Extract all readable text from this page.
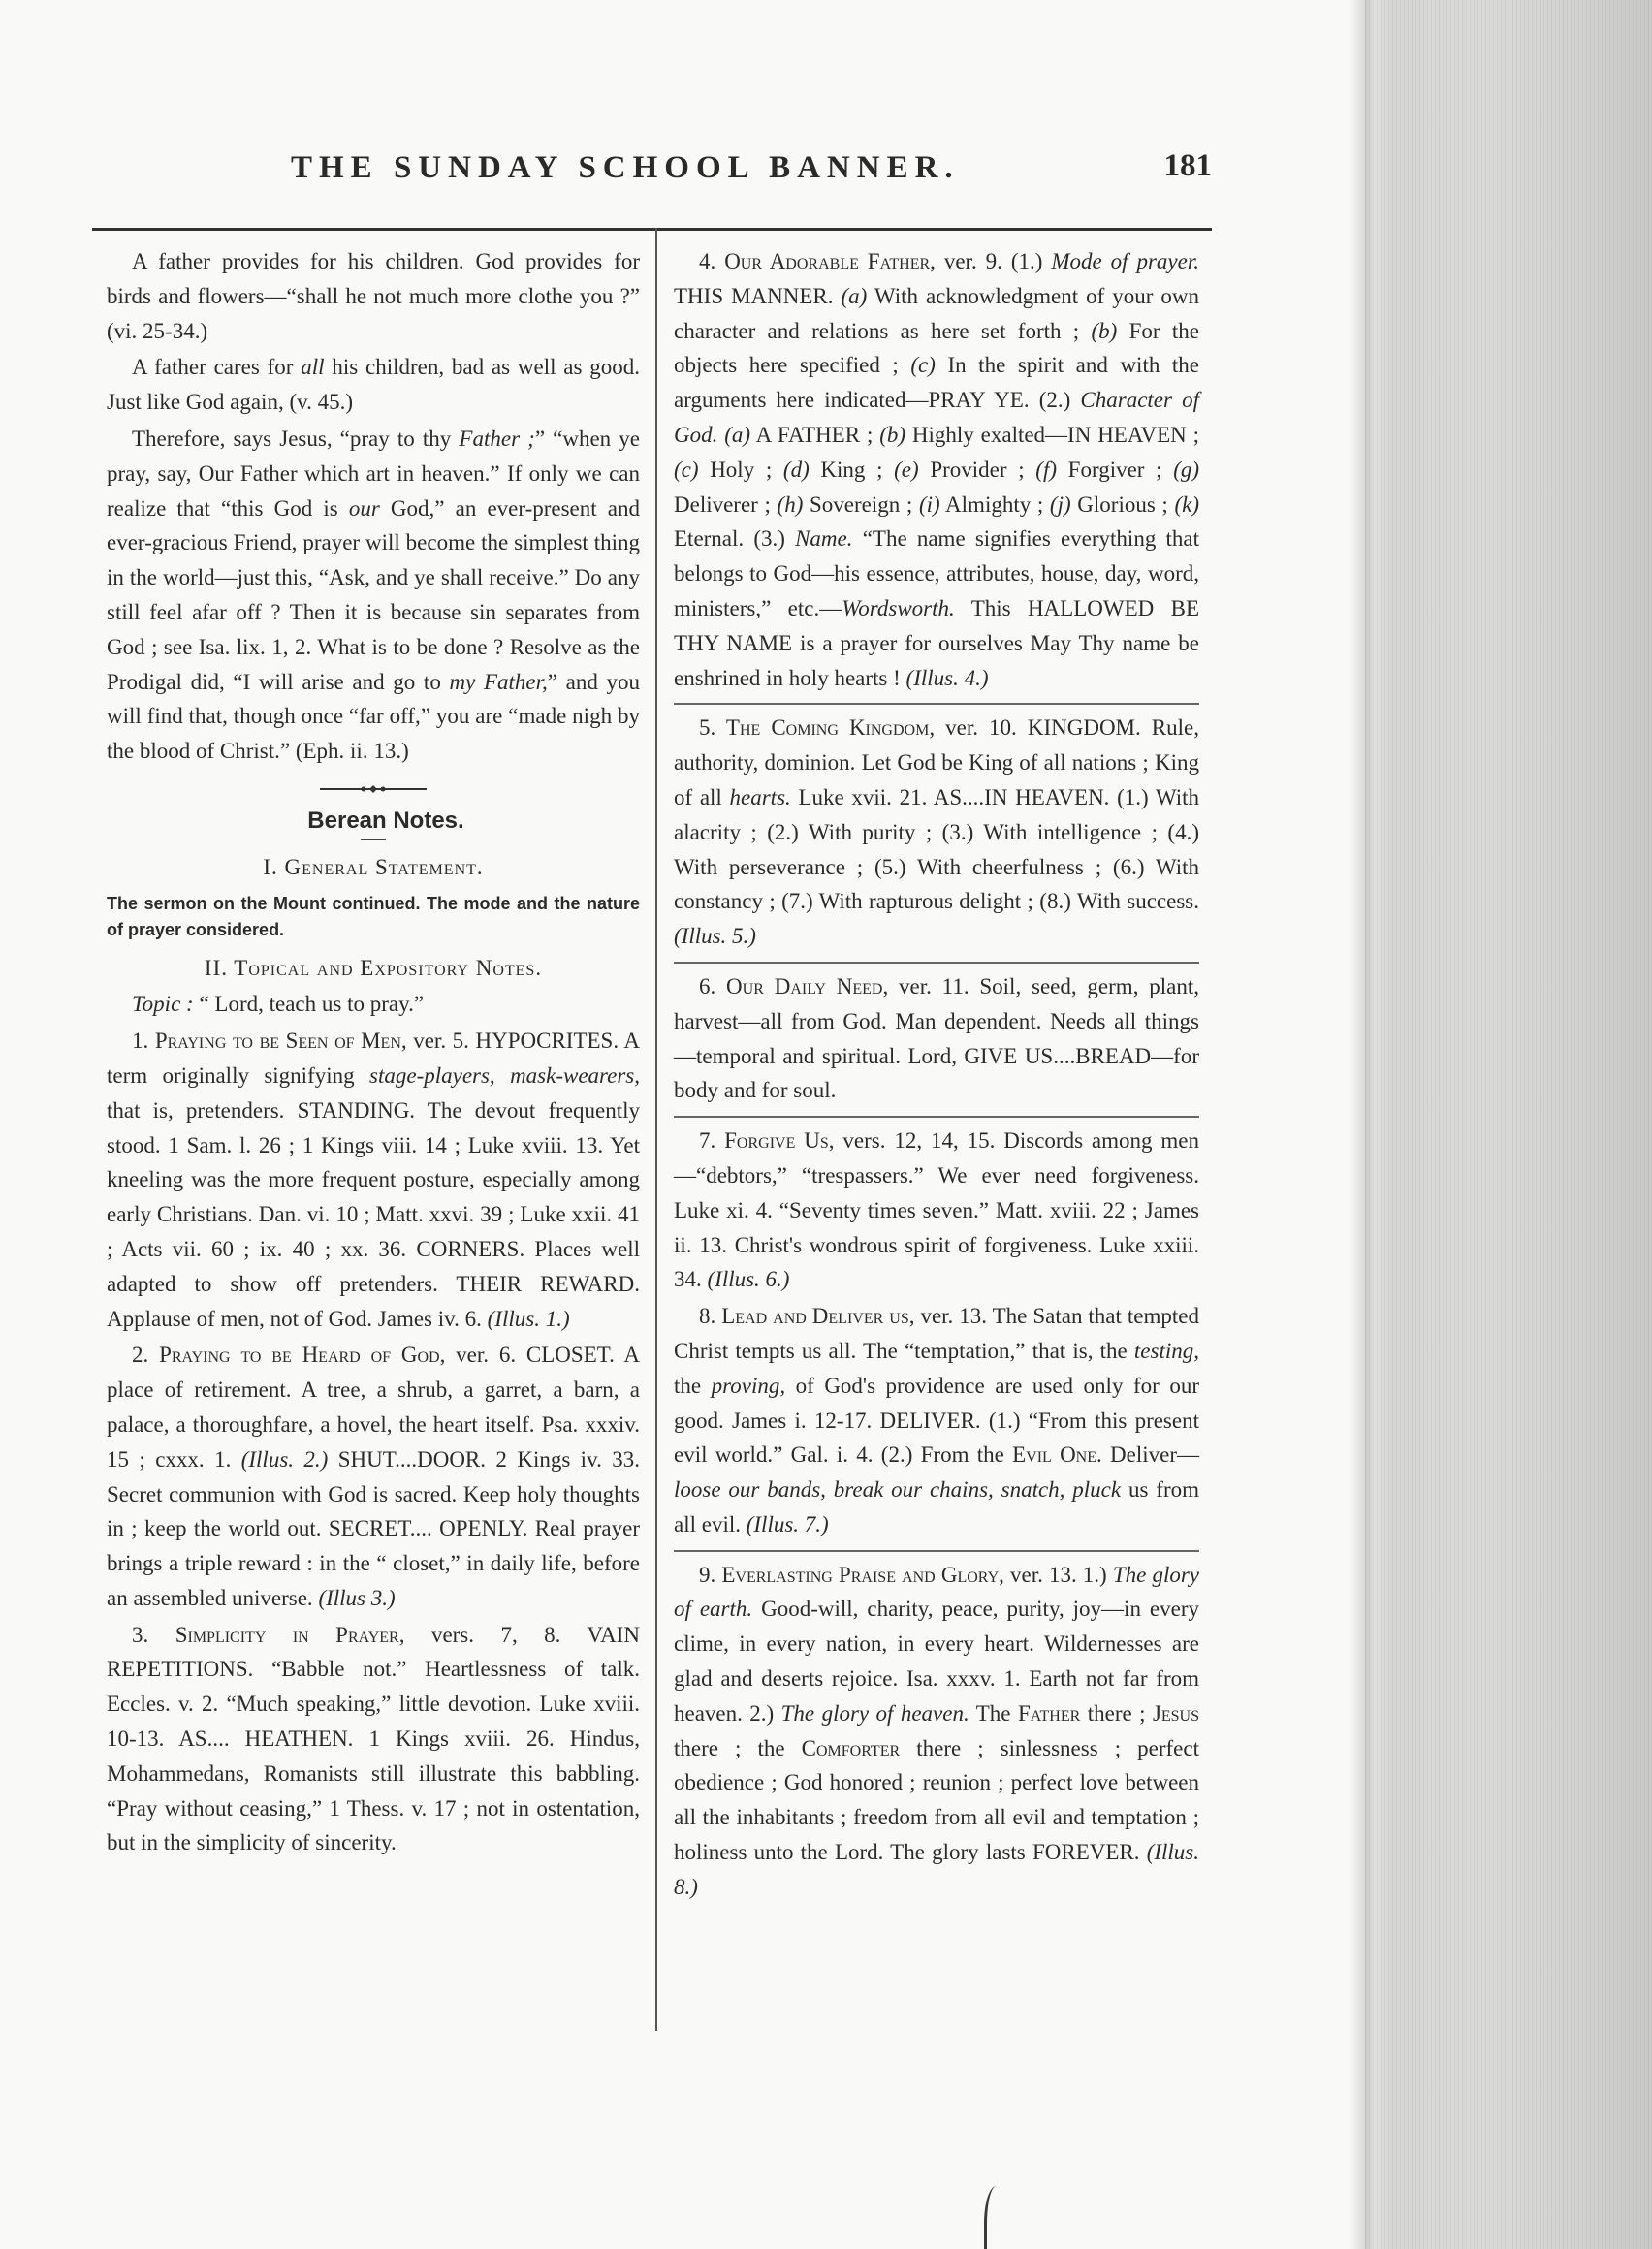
THE SUNDAY SCHOOL BANNER.	181

A father provides for his children. God provides for birds and flowers—“shall he not much more clothe you ?” (vi. 25-34.)

A father cares for all his children, bad as well as good. Just like God again, (v. 45.)

Therefore, says Jesus, “pray to thy Father ;” “when ye pray, say, Our Father which art in heaven.” If only we can realize that “this God is our God,” an ever-present and ever-gracious Friend, prayer will become the simplest thing in the world—just this, “Ask, and ye shall receive.” Do any still feel afar off ? Then it is because sin separates from God ; see Isa. lix. 1, 2. What is to be done ? Resolve as the Prodigal did, “I will arise and go to my Father,” and you will find that, though once “far off,” you are “made nigh by the blood of Christ.” (Eph. ii. 13.)

Berean Notes.

I. General Statement.

The sermon on the Mount continued. The mode and the nature of prayer considered.

II. Topical and Expository Notes.

Topic : “ Lord, teach us to pray.”

1. Praying to be Seen of Men, ver. 5. HYPOCRITES. A term originally signifying stage-players, mask-wearers, that is, pretenders. STANDING. The devout frequently stood. 1 Sam. l. 26 ; 1 Kings viii. 14 ; Luke xviii. 13. Yet kneeling was the more frequent posture, especially among early Christians. Dan. vi. 10 ; Matt. xxvi. 39 ; Luke xxii. 41 ; Acts vii. 60 ; ix. 40 ; xx. 36. CORNERS. Places well adapted to show off pretenders. THEIR REWARD. Applause of men, not of God. James iv. 6. (Illus. 1.)

2. Praying to be Heard of God, ver. 6. CLOSET. A place of retirement. A tree, a shrub, a garret, a barn, a palace, a thoroughfare, a hovel, the heart itself. Psa. xxxiv. 15 ; cxxx. 1. (Illus. 2.) SHUT....DOOR. 2 Kings iv. 33. Secret communion with God is sacred. Keep holy thoughts in ; keep the world out. SECRET.... OPENLY. Real prayer brings a triple reward : in the “ closet,” in daily life, before an assembled universe. (Illus 3.)

3. Simplicity in Prayer, vers. 7, 8. VAIN REPETITIONS. “Babble not.” Heartlessness of talk. Eccles. v. 2. “Much speaking,” little devotion. Luke xviii. 10-13. AS.... HEATHEN. 1 Kings xviii. 26. Hindus, Mohammedans, Romanists still illustrate this babbling. “Pray without ceasing,” 1 Thess. v. 17 ; not in ostentation, but in the simplicity of sincerity.

4. Our Adorable Father, ver. 9. (1.) Mode of prayer. THIS MANNER. (a) With acknowledgment of your own character and relations as here set forth ; (b) For the objects here specified ; (c) In the spirit and with the arguments here indicated—PRAY YE. (2.) Character of God. (a) A FATHER ; (b) Highly exalted—IN HEAVEN ; (c) Holy ; (d) King ; (e) Provider ; (f) Forgiver ; (g) Deliverer ; (h) Sovereign ; (i) Almighty ; (j) Glorious ; (k) Eternal. (3.) Name. “The name signifies everything that belongs to God—his essence, attributes, house, day, word, ministers,” etc.—Wordsworth. This HALLOWED BE THY NAME is a prayer for ourselves May Thy name be enshrined in holy hearts ! (Illus. 4.)

5. The Coming Kingdom, ver. 10. KINGDOM. Rule, authority, dominion. Let God be King of all nations ; King of all hearts. Luke xvii. 21. AS....IN HEAVEN. (1.) With alacrity ; (2.) With purity ; (3.) With intelligence ; (4.) With perseverance ; (5.) With cheerfulness ; (6.) With constancy ; (7.) With rapturous delight ; (8.) With success. (Illus. 5.)

6. Our Daily Need, ver. 11. Soil, seed, germ, plant, harvest—all from God. Man dependent. Needs all things—temporal and spiritual. Lord, GIVE US....BREAD—for body and for soul.

7. Forgive Us, vers. 12, 14, 15. Discords among men—“debtors,” “trespassers.” We ever need forgiveness. Luke xi. 4. “Seventy times seven.” Matt. xviii. 22 ; James ii. 13. Christ's wondrous spirit of forgiveness. Luke xxiii. 34. (Illus. 6.)

8. Lead and Deliver us, ver. 13. The Satan that tempted Christ tempts us all. The “temptation,” that is, the testing, the proving, of God's providence are used only for our good. James i. 12-17. DELIVER. (1.) “From this present evil world.” Gal. i. 4. (2.) From the Evil One. Deliver—loose our bands, break our chains, snatch, pluck us from all evil. (Illus. 7.)

9. Everlasting Praise and Glory, ver. 13. 1.) The glory of earth. Good-will, charity, peace, purity, joy—in every clime, in every nation, in every heart. Wildernesses are glad and deserts rejoice. Isa. xxxv. 1. Earth not far from heaven. 2.) The glory of heaven. The Father there ; Jesus there ; the Comforter there ; sinlessness ; perfect obedience ; God honored ; reunion ; perfect love between all the inhabitants ; freedom from all evil and temptation ; holiness unto the Lord. The glory lasts FOREVER. (Illus. 8.)
